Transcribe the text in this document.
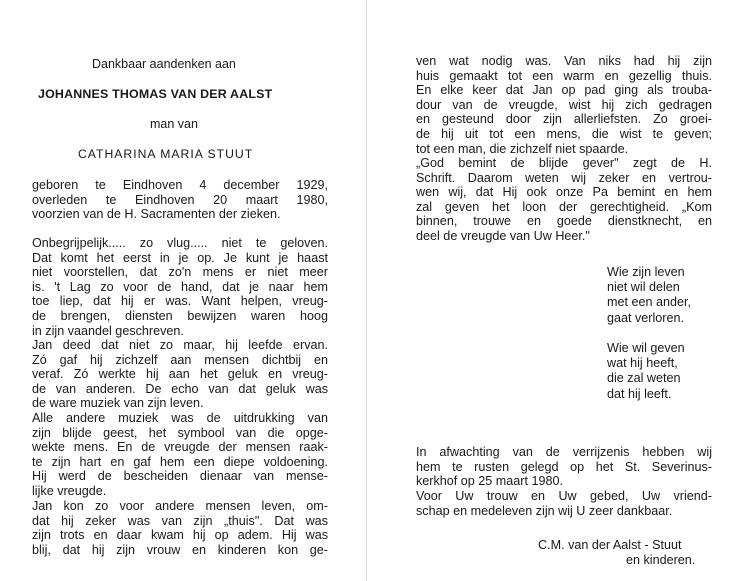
Dankbaar aandenken aan
JOHANNES THOMAS VAN DER AALST
man van
CATHARINA MARIA STUUT
geboren te Eindhoven 4 december 1929,
overleden te Eindhoven 20 maart 1980,
voorzien van de H. Sacramenten der zieken.
Onbegrijpelijk..... zo vlug..... niet te geloven.
Dat komt het eerst in je op. Je kunt je haast
niet voorstellen, dat zo'n mens er niet meer
is. 't Lag zo voor de hand, dat je naar hem
toe liep, dat hij er was. Want helpen, vreug-
de brengen, diensten bewijzen waren hoog
in zijn vaandel geschreven.
Jan deed dat niet zo maar, hij leefde ervan.
Zó gaf hij zichzelf aan mensen dichtbij en
veraf. Zó werkte hij aan het geluk en vreug-
de van anderen. De echo van dat geluk was
de ware muziek van zijn leven.
Alle andere muziek was de uitdrukking van
zijn blijde geest, het symbool van die opge-
wekte mens. En de vreugde der mensen raak-
te zijn hart en gaf hem een diepe voldoening.
Hij werd de bescheiden dienaar van mense-
lijke vreugde.
Jan kon zo voor andere mensen leven, om-
dat hij zeker was van zijn „thuis". Dat was
zijn trots en daar kwam hij op adem. Hij was
blij, dat hij zijn vrouw en kinderen kon ge-
ven wat nodig was. Van niks had hij zijn
huis gemaakt tot een warm en gezellig thuis.
En elke keer dat Jan op pad ging als trouba-
dour van de vreugde, wist hij zich gedragen
en gesteund door zijn allerliefsten. Zo groei-
de hij uit tot een mens, die wist te geven;
tot een man, die zichzelf niet spaarde.
„God bemint de blijde gever" zegt de H.
Schrift. Daarom weten wij zeker en vertrou-
wen wij, dat Hij ook onze Pa bemint en hem
zal geven het loon der gerechtigheid. „Kom
binnen, trouwe en goede dienstknecht, en
deel de vreugde van Uw Heer."
Wie zijn leven
niet wil delen
met een ander,
gaat verloren.
Wie wil geven
wat hij heeft,
die zal weten
dat hij leeft.
In afwachting van de verrijzenis hebben wij
hem te rusten gelegd op het St. Severinus-
kerkhof op 25 maart 1980.
Voor Uw trouw en Uw gebed, Uw vriend-
schap en medeleven zijn wij U zeer dankbaar.
C.M. van der Aalst - Stuut
en kinderen.
